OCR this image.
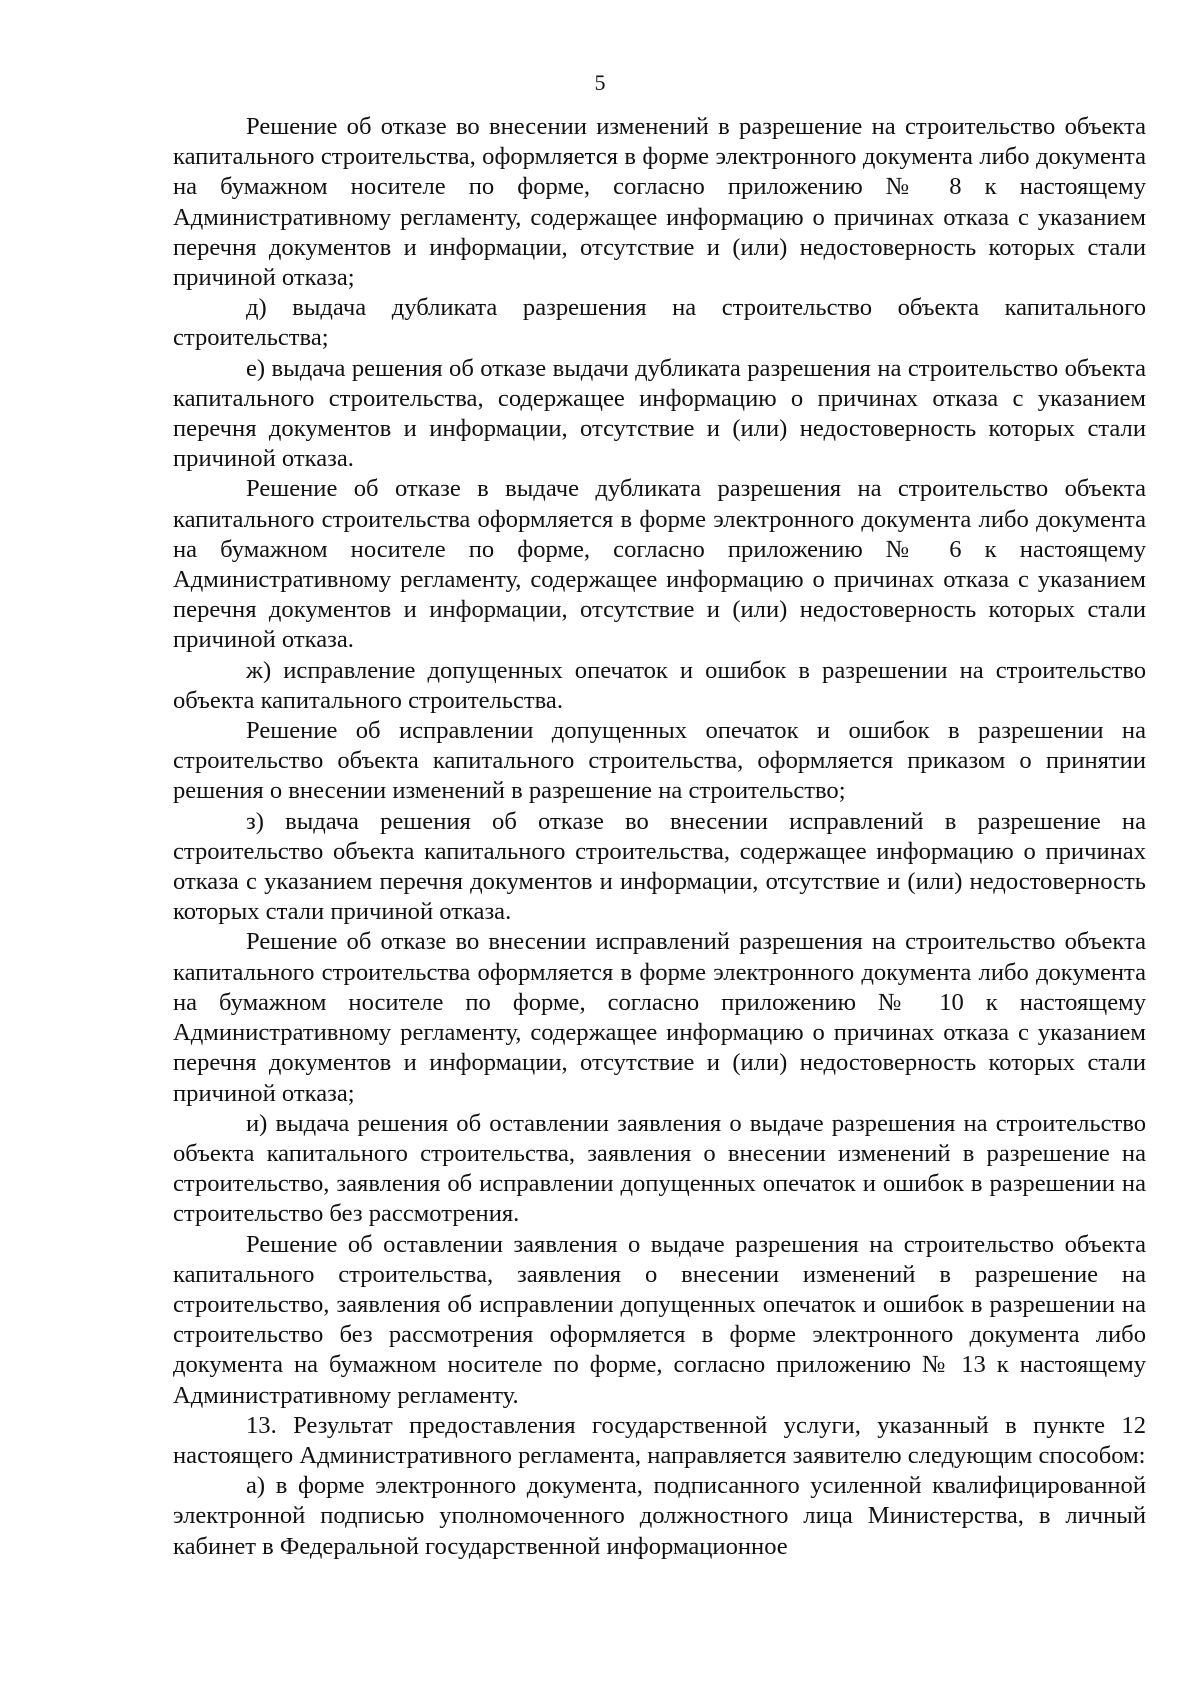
5

Решение об отказе во внесении изменений в разрешение на строительство объекта капитального строительства, оформляется в форме электронного документа либо документа на бумажном носителе по форме, согласно приложению № 8 к настоящему Административному регламенту, содержащее информацию о причинах отказа с указанием перечня документов и информации, отсутствие и (или) недостоверность которых стали причиной отказа;

д) выдача дубликата разрешения на строительство объекта капитального строительства;

е) выдача решения об отказе выдачи дубликата разрешения на строительство объекта капитального строительства, содержащее информацию о причинах отказа с указанием перечня документов и информации, отсутствие и (или) недостоверность которых стали причиной отказа.

Решение об отказе в выдаче дубликата разрешения на строительство объекта капитального строительства оформляется в форме электронного документа либо документа на бумажном носителе по форме, согласно приложению № 6 к настоящему Административному регламенту, содержащее информацию о причинах отказа с указанием перечня документов и информации, отсутствие и (или) недостоверность которых стали причиной отказа.

ж) исправление допущенных опечаток и ошибок в разрешении на строительство объекта капитального строительства.

Решение об исправлении допущенных опечаток и ошибок в разрешении на строительство объекта капитального строительства, оформляется приказом о принятии решения о внесении изменений в разрешение на строительство;

з) выдача решения об отказе во внесении исправлений в разрешение на строительство объекта капитального строительства, содержащее информацию о причинах отказа с указанием перечня документов и информации, отсутствие и (или) недостоверность которых стали причиной отказа.

Решение об отказе во внесении исправлений разрешения на строительство объекта капитального строительства оформляется в форме электронного документа либо документа на бумажном носителе по форме, согласно приложению № 10 к настоящему Административному регламенту, содержащее информацию о причинах отказа с указанием перечня документов и информации, отсутствие и (или) недостоверность которых стали причиной отказа;

и) выдача решения об оставлении заявления о выдаче разрешения на строительство объекта капитального строительства, заявления о внесении изменений в разрешение на строительство, заявления об исправлении допущенных опечаток и ошибок в разрешении на строительство без рассмотрения.

Решение об оставлении заявления о выдаче разрешения на строительство объекта капитального строительства, заявления о внесении изменений в разрешение на строительство, заявления об исправлении допущенных опечаток и ошибок в разрешении на строительство без рассмотрения оформляется в форме электронного документа либо документа на бумажном носителе по форме, согласно приложению № 13 к настоящему Административному регламенту.

13. Результат предоставления государственной услуги, указанный в пункте 12 настоящего Административного регламента, направляется заявителю следующим способом:

а) в форме электронного документа, подписанного усиленной квалифицированной электронной подписью уполномоченного должностного лица Министерства, в личный кабинет в Федеральной государственной информационное
